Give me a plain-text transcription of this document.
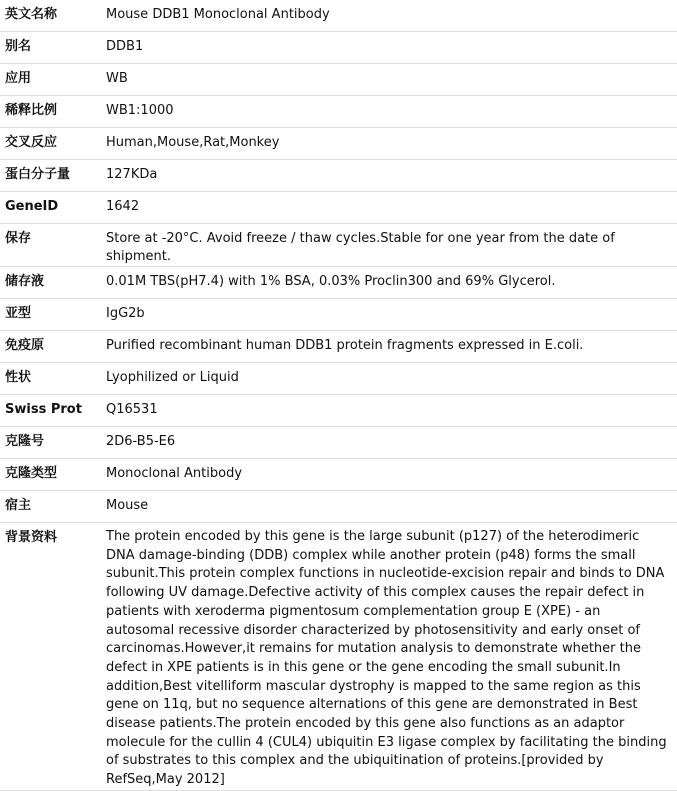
英文名称	Mouse DDB1 Monoclonal Antibody
别名	DDB1
应用	WB
稀释比例	WB1:1000
交叉反应	Human,Mouse,Rat,Monkey
蛋白分子量	127KDa
GeneID	1642
保存	Store at -20°C. Avoid freeze / thaw cycles.Stable for one year from the date of shipment.
储存液	0.01M TBS(pH7.4) with 1% BSA, 0.03% Proclin300 and 69% Glycerol.
亚型	IgG2b
免疫原	Purified recombinant human DDB1 protein fragments expressed in E.coli.
性状	Lyophilized or Liquid
Swiss Prot	Q16531
克隆号	2D6-B5-E6
克隆类型	Monoclonal Antibody
宿主	Mouse
背景资料	The protein encoded by this gene is the large subunit (p127) of the heterodimeric DNA damage-binding (DDB) complex while another protein (p48) forms the small subunit.This protein complex functions in nucleotide-excision repair and binds to DNA following UV damage.Defective activity of this complex causes the repair defect in patients with xeroderma pigmentosum complementation group E (XPE) - an autosomal recessive disorder characterized by photosensitivity and early onset of carcinomas.However,it remains for mutation analysis to demonstrate whether the defect in XPE patients is in this gene or the gene encoding the small subunit.In addition,Best vitelliform mascular dystrophy is mapped to the same region as this gene on 11q, but no sequence alternations of this gene are demonstrated in Best disease patients.The protein encoded by this gene also functions as an adaptor molecule for the cullin 4 (CUL4) ubiquitin E3 ligase complex by facilitating the binding of substrates to this complex and the ubiquitination of proteins.[provided by RefSeq,May 2012]
